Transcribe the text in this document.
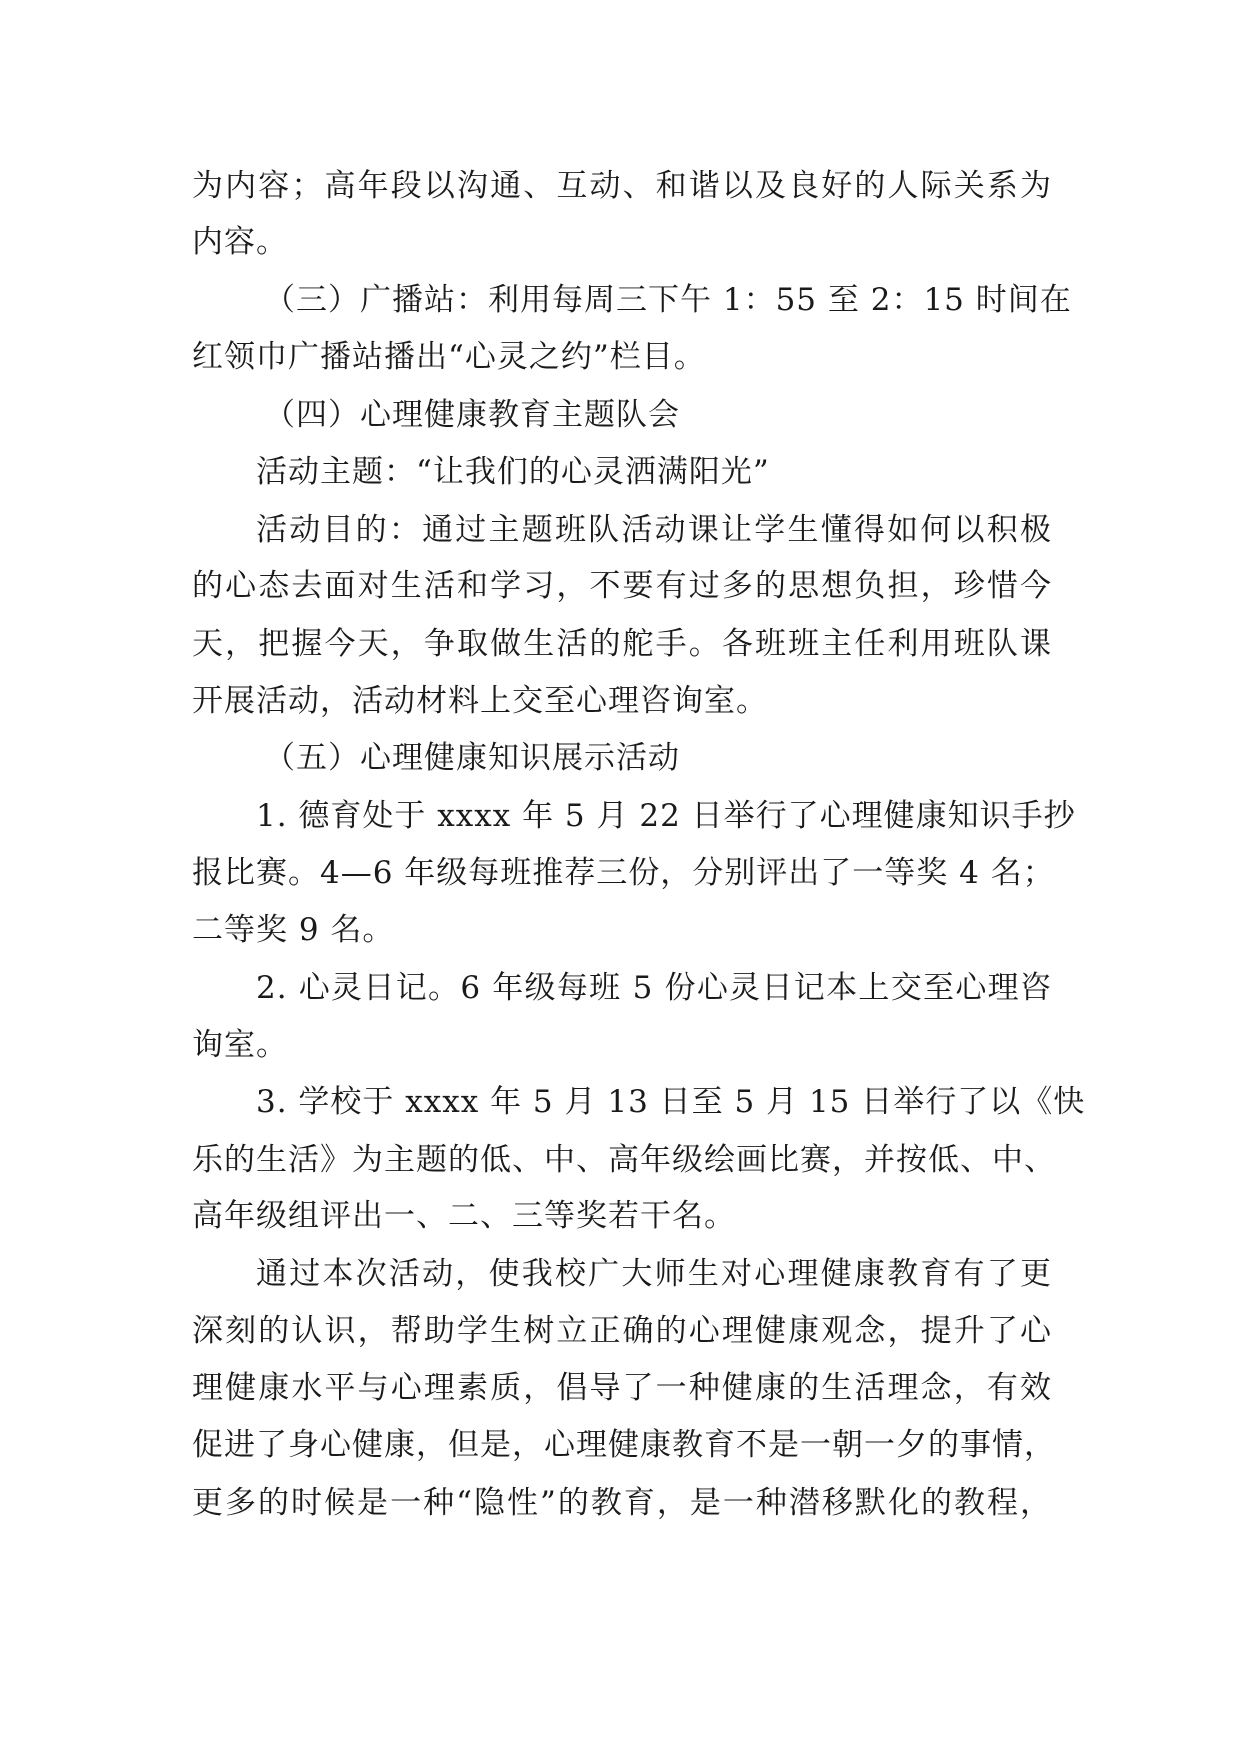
为内容；高年段以沟通、互动、和谐以及良好的人际关系为
内容。
（三）广播站：利用每周三下午 1：55 至 2：15 时间在
红领巾广播站播出“心灵之约”栏目。
（四）心理健康教育主题队会
活动主题：“让我们的心灵洒满阳光”
活动目的：通过主题班队活动课让学生懂得如何以积极
的心态去面对生活和学习，不要有过多的思想负担，珍惜今
天，把握今天，争取做生活的舵手。各班班主任利用班队课
开展活动，活动材料上交至心理咨询室。
（五）心理健康知识展示活动
1. 德育处于 xxxx 年 5 月 22 日举行了心理健康知识手抄
报比赛。4—6 年级每班推荐三份，分别评出了一等奖 4 名；
二等奖 9 名。
2. 心灵日记。6 年级每班 5 份心灵日记本上交至心理咨
询室。
3. 学校于 xxxx 年 5 月 13 日至 5 月 15 日举行了以《快
乐的生活》为主题的低、中、高年级绘画比赛，并按低、中、
高年级组评出一、二、三等奖若干名。
通过本次活动，使我校广大师生对心理健康教育有了更
深刻的认识，帮助学生树立正确的心理健康观念，提升了心
理健康水平与心理素质，倡导了一种健康的生活理念，有效
促进了身心健康，但是，心理健康教育不是一朝一夕的事情，
更多的时候是一种“隐性”的教育，是一种潜移默化的教程，
